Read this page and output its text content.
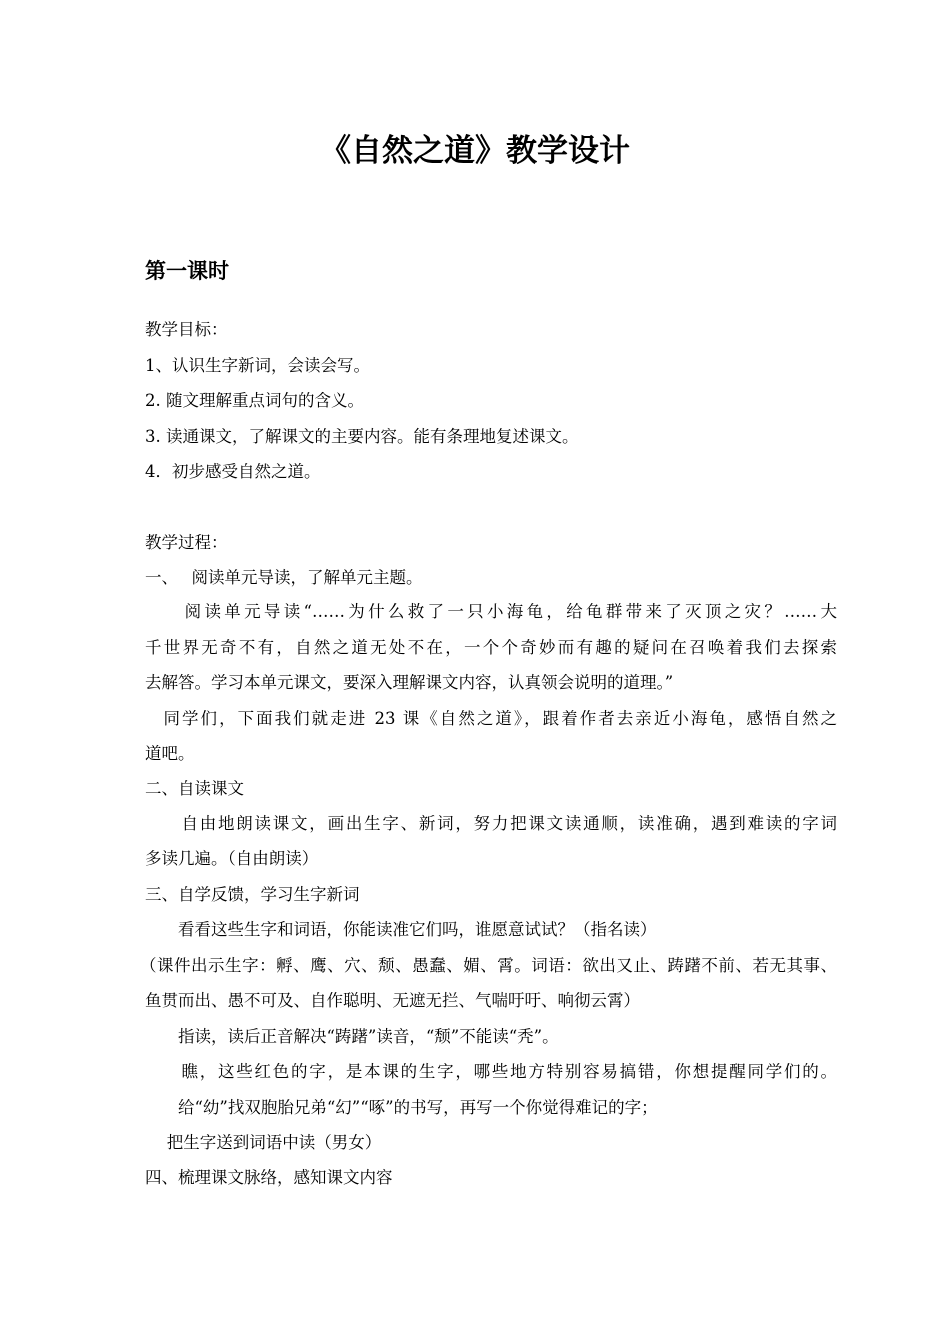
《自然之道》教学设计
第一课时
教学目标：
1、认识生字新词，会读会写。
2. 随文理解重点词句的含义。
3. 读通课文，了解课文的主要内容。能有条理地复述课文。
4．初步感受自然之道。
教学过程：
一、　 阅读单元导读，了解单元主题。
　　阅读单元导读“……为什么救了一只小海龟，给龟群带来了灭顶之灾？……大
千世界无奇不有，自然之道无处不在，一个个奇妙而有趣的疑问在召唤着我们去探索
去解答。学习本单元课文，要深入理解课文内容，认真领会说明的道理。”
　同学们，下面我们就走进 23 课《自然之道》，跟着作者去亲近小海龟，感悟自然之
道吧。
二、自读课文
　　自由地朗读课文，画出生字、新词，努力把课文读通顺，读准确，遇到难读的字词
多读几遍。（自由朗读）
三、自学反馈，学习生字新词
　　看看这些生字和词语，你能读准它们吗，谁愿意试试？（指名读）
（课件出示生字：孵、鹰、穴、颓、愚蠢、媚、霄。词语：欲出又止、踌躇不前、若无其事、
鱼贯而出、愚不可及、自作聪明、无遮无拦、气喘吁吁、响彻云霄）
　　指读，读后正音解决“踌躇”读音，“颓”不能读“秃”。
　　瞧，这些红色的字，是本课的生字，哪些地方特别容易搞错，你想提醒同学们的。
　　给“幼”找双胞胎兄弟“幻”“啄”的书写，再写一个你觉得难记的字；
　 把生字送到词语中读（男女）
四、梳理课文脉络，感知课文内容
